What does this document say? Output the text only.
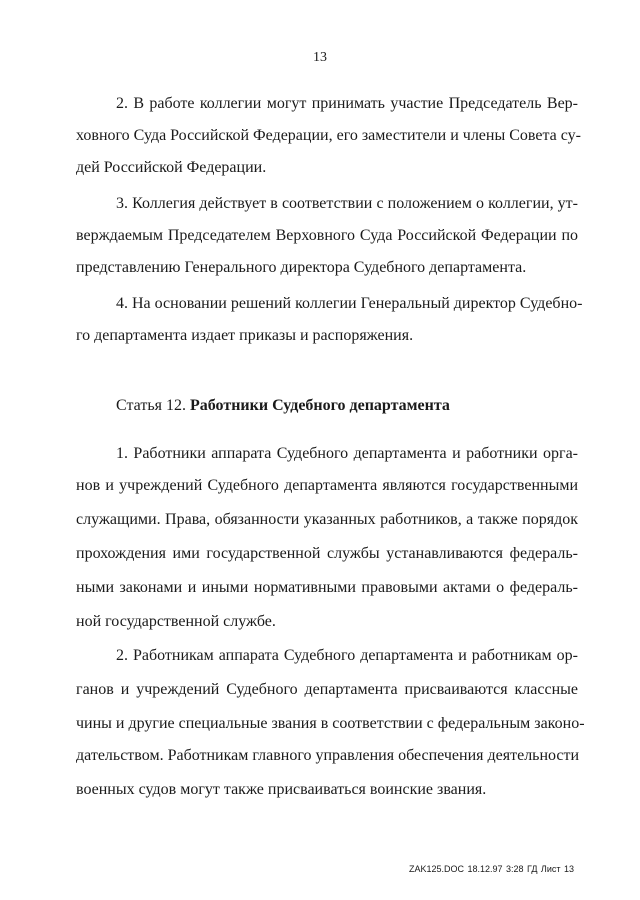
13
2. В работе коллегии могут принимать участие Председатель Вер-
ховного Суда Российской Федерации, его заместители и члены Совета су-
дей Российской Федерации.
3. Коллегия действует в соответствии с положением о коллегии, ут-
верждаемым Председателем Верховного Суда Российской Федерации по
представлению Генерального директора Судебного департамента.
4. На основании решений коллегии Генеральный директор Судебно-
го департамента издает приказы и распоряжения.
Статья 12. Работники Судебного департамента
1. Работники аппарата Судебного департамента и работники орга-
нов и учреждений Судебного департамента являются государственными
служащими. Права, обязанности указанных работников, а также порядок
прохождения ими государственной службы устанавливаются федераль-
ными законами и иными нормативными правовыми актами о федераль-
ной государственной службе.
2. Работникам аппарата Судебного департамента и работникам ор-
ганов и учреждений Судебного департамента присваиваются классные
чины и другие специальные звания в соответствии с федеральным законо-
дательством. Работникам главного управления обеспечения деятельности
военных судов могут также присваиваться воинские звания.
ZAK125.DOC 18.12.97 3:28 ГД Лист 13
